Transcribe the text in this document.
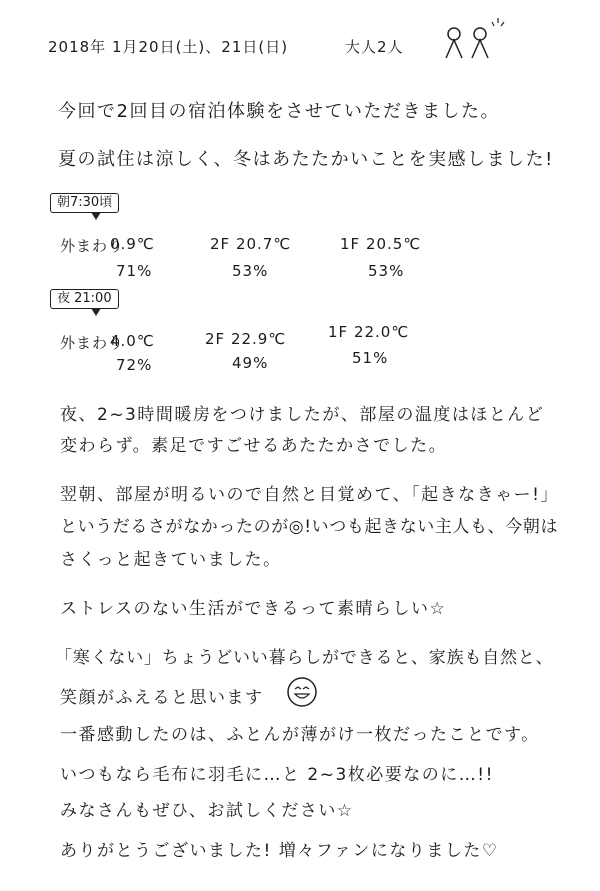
2018年 1月20日(土)、21日(日)	大人2人
今回で2回目の宿泊体験をさせていただきました。
夏の試住は涼しく、冬はあたたかいことを実感しました!
朝7:30頃
外まわり
0.9℃
71%
2F 20.7℃
53%
1F 20.5℃
53%
夜 21:00
外まわり
4.0℃
72%
2F 22.9℃
49%
1F 22.0℃
51%
夜、2~3時間暖房をつけましたが、部屋の温度はほとんど
変わらず。素足ですごせるあたたかさでした。
翌朝、部屋が明るいので自然と目覚めて、「起きなきゃー!」
というだるさがなかったのが◎!いつも起きない主人も、今朝は
さくっと起きていました。
ストレスのない生活ができるって素晴らしい☆
「寒くない」ちょうどいい暮らしができると、家族も自然と、
笑顔がふえると思います
一番感動したのは、ふとんが薄がけ一枚だったことです。
いつもなら毛布に羽毛に…と 2~3枚必要なのに…!!
みなさんもぜひ、お試しください☆
ありがとうございました! 増々ファンになりました♡
